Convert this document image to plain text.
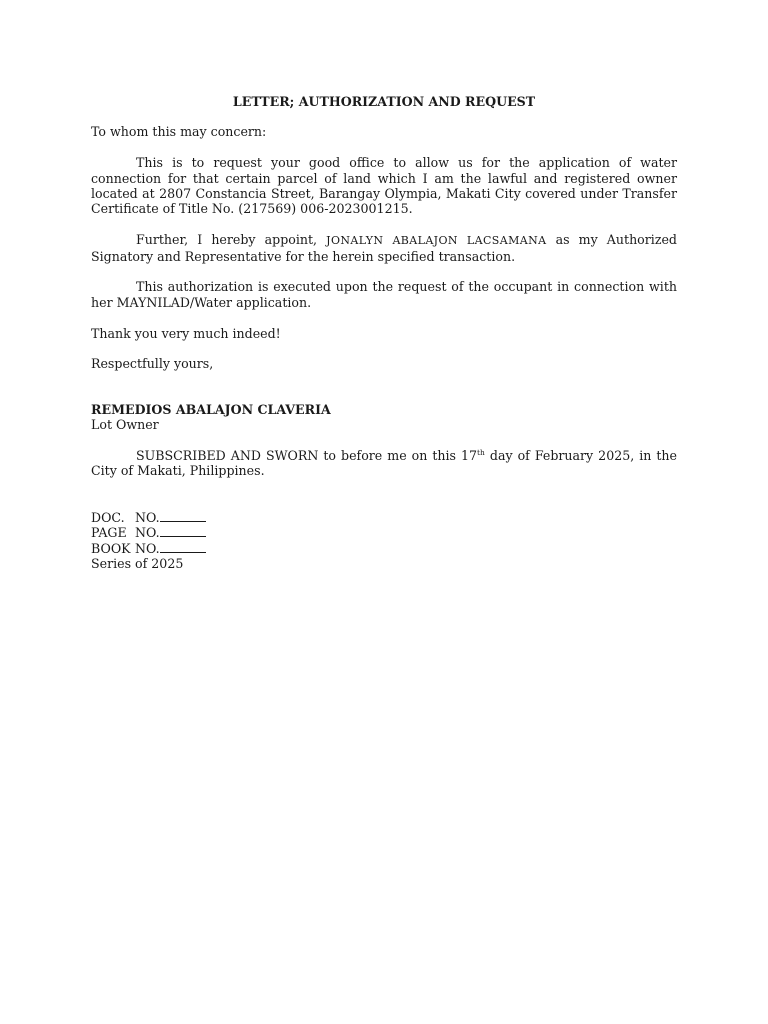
LETTER; AUTHORIZATION AND REQUEST

To whom this may concern:

This is to request your good office to allow us for the application of water connection for that certain parcel of land which I am the lawful and registered owner located at 2807 Constancia Street, Barangay Olympia, Makati City covered under Transfer Certificate of Title No. (217569) 006-2023001215.

Further, I hereby appoint, JONALYN ABALAJON LACSAMANA as my Authorized Signatory and Representative for the herein specified transaction.

This authorization is executed upon the request of the occupant in connection with her MAYNILAD/Water application.

Thank you very much indeed!

Respectfully yours,

REMEDIOS ABALAJON CLAVERIA
Lot Owner

SUBSCRIBED AND SWORN to before me on this 17th day of February 2025, in the City of Makati, Philippines.

DOC. NO.
PAGE NO.
BOOK NO.
Series of 2025
